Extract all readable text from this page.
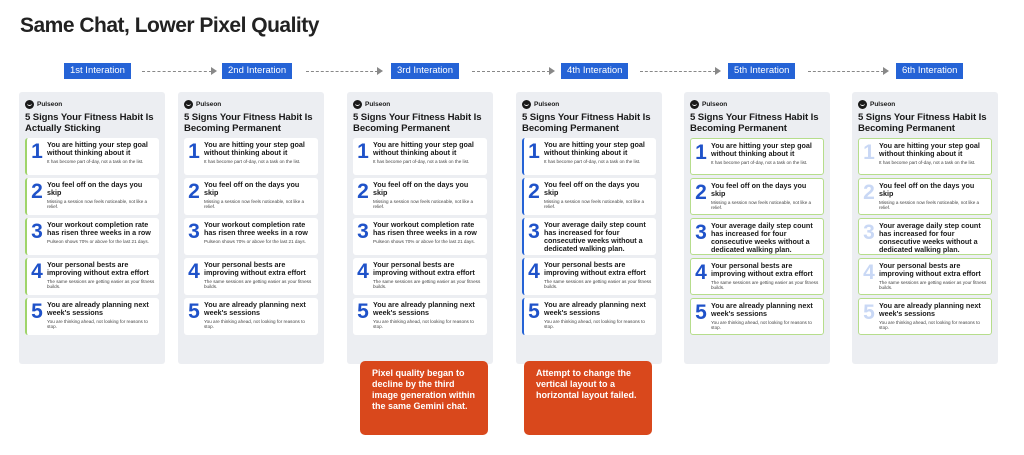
Same Chat, Lower Pixel Quality
1st Interation	2nd Interation	3rd Interation	4th Interation	5th Interation	6th Interation
Pulseon
5 Signs Your Fitness Habit Is Actually Sticking
1 You are hitting your step goal without thinking about it
It has become part of-day, not a task on the list.
2 You feel off on the days you skip
Missing a session now feels noticeable, not like a relief.
3 Your workout completion rate has risen three weeks in a row
Pulseon shows 70% or above for the last 21 days.
4 Your personal bests are improving without extra effort
The same sessions are getting easier as your fitness builds.
5 You are already planning next week's sessions
You are thinking ahead, not looking for reasons to stop.
Pulseon
5 Signs Your Fitness Habit Is Becoming Permanent
1 You are hitting your step goal without thinking about it
It has become part of-day, not a task on the list.
2 You feel off on the days you skip
Missing a session now feels noticeable, not like a relief.
3 Your workout completion rate has risen three weeks in a row
Pulseon shows 70% or above for the last 21 days.
4 Your personal bests are improving without extra effort
The same sessions are getting easier as your fitness builds.
5 You are already planning next week's sessions
You are thinking ahead, not looking for reasons to stop.
Pulseon
5 Signs Your Fitness Habit Is Becoming Permanent
1 You are hitting your step goal without thinking about it
It has become part of-day, not a task on the list.
2 You feel off on the days you skip
Missing a session now feels noticeable, not like a relief.
3 Your workout completion rate has risen three weeks in a row
Pulseon shows 70% or above for the last 21 days.
4 Your personal bests are improving without extra effort
The same sessions are getting easier as your fitness builds.
5 You are already planning next week's sessions
You are thinking ahead, not looking for reasons to stop.
Pulseon
5 Signs Your Fitness Habit Is Becoming Permanent
1 You are hitting your step goal without thinking about it
It has become part of-day, not a task on the list.
2 You feel off on the days you skip
Missing a session now feels noticeable, not like a relief.
3 Your average daily step count has increased for four consecutive weeks without a dedicated walking plan.
4 Your personal bests are improving without extra effort
The same sessions are getting easier as your fitness builds.
5 You are already planning next week's sessions
You are thinking ahead, not looking for reasons to stop.
Pulseon
5 Signs Your Fitness Habit Is Becoming Permanent
1 You are hitting your step goal without thinking about it
It has become part of-day, not a task on the list.
2 You feel off on the days you skip
Missing a session now feels noticeable, not like a relief.
3 Your average daily step count has increased for four consecutive weeks without a dedicated walking plan.
4 Your personal bests are improving without extra effort
The same sessions are getting easier as your fitness builds.
5 You are already planning next week's sessions
You are thinking ahead, not looking for reasons to stop.
Pulseon
5 Signs Your Fitness Habit Is Becoming Permanent
1 You are hitting your step goal without thinking about it
It has become part of-day, not a task on the list.
2 You feel off on the days you skip
Missing a session now feels noticeable, not like a relief.
3 Your average daily step count has increased for four consecutive weeks without a dedicated walking plan.
4 Your personal bests are improving without extra effort
The same sessions are getting easier as your fitness builds.
5 You are already planning next week's sessions
You are thinking ahead, not looking for reasons to stop.
Pixel quality began to decline by the third image generation within the same Gemini chat.
Attempt to change the vertical layout to a horizontal layout failed.
